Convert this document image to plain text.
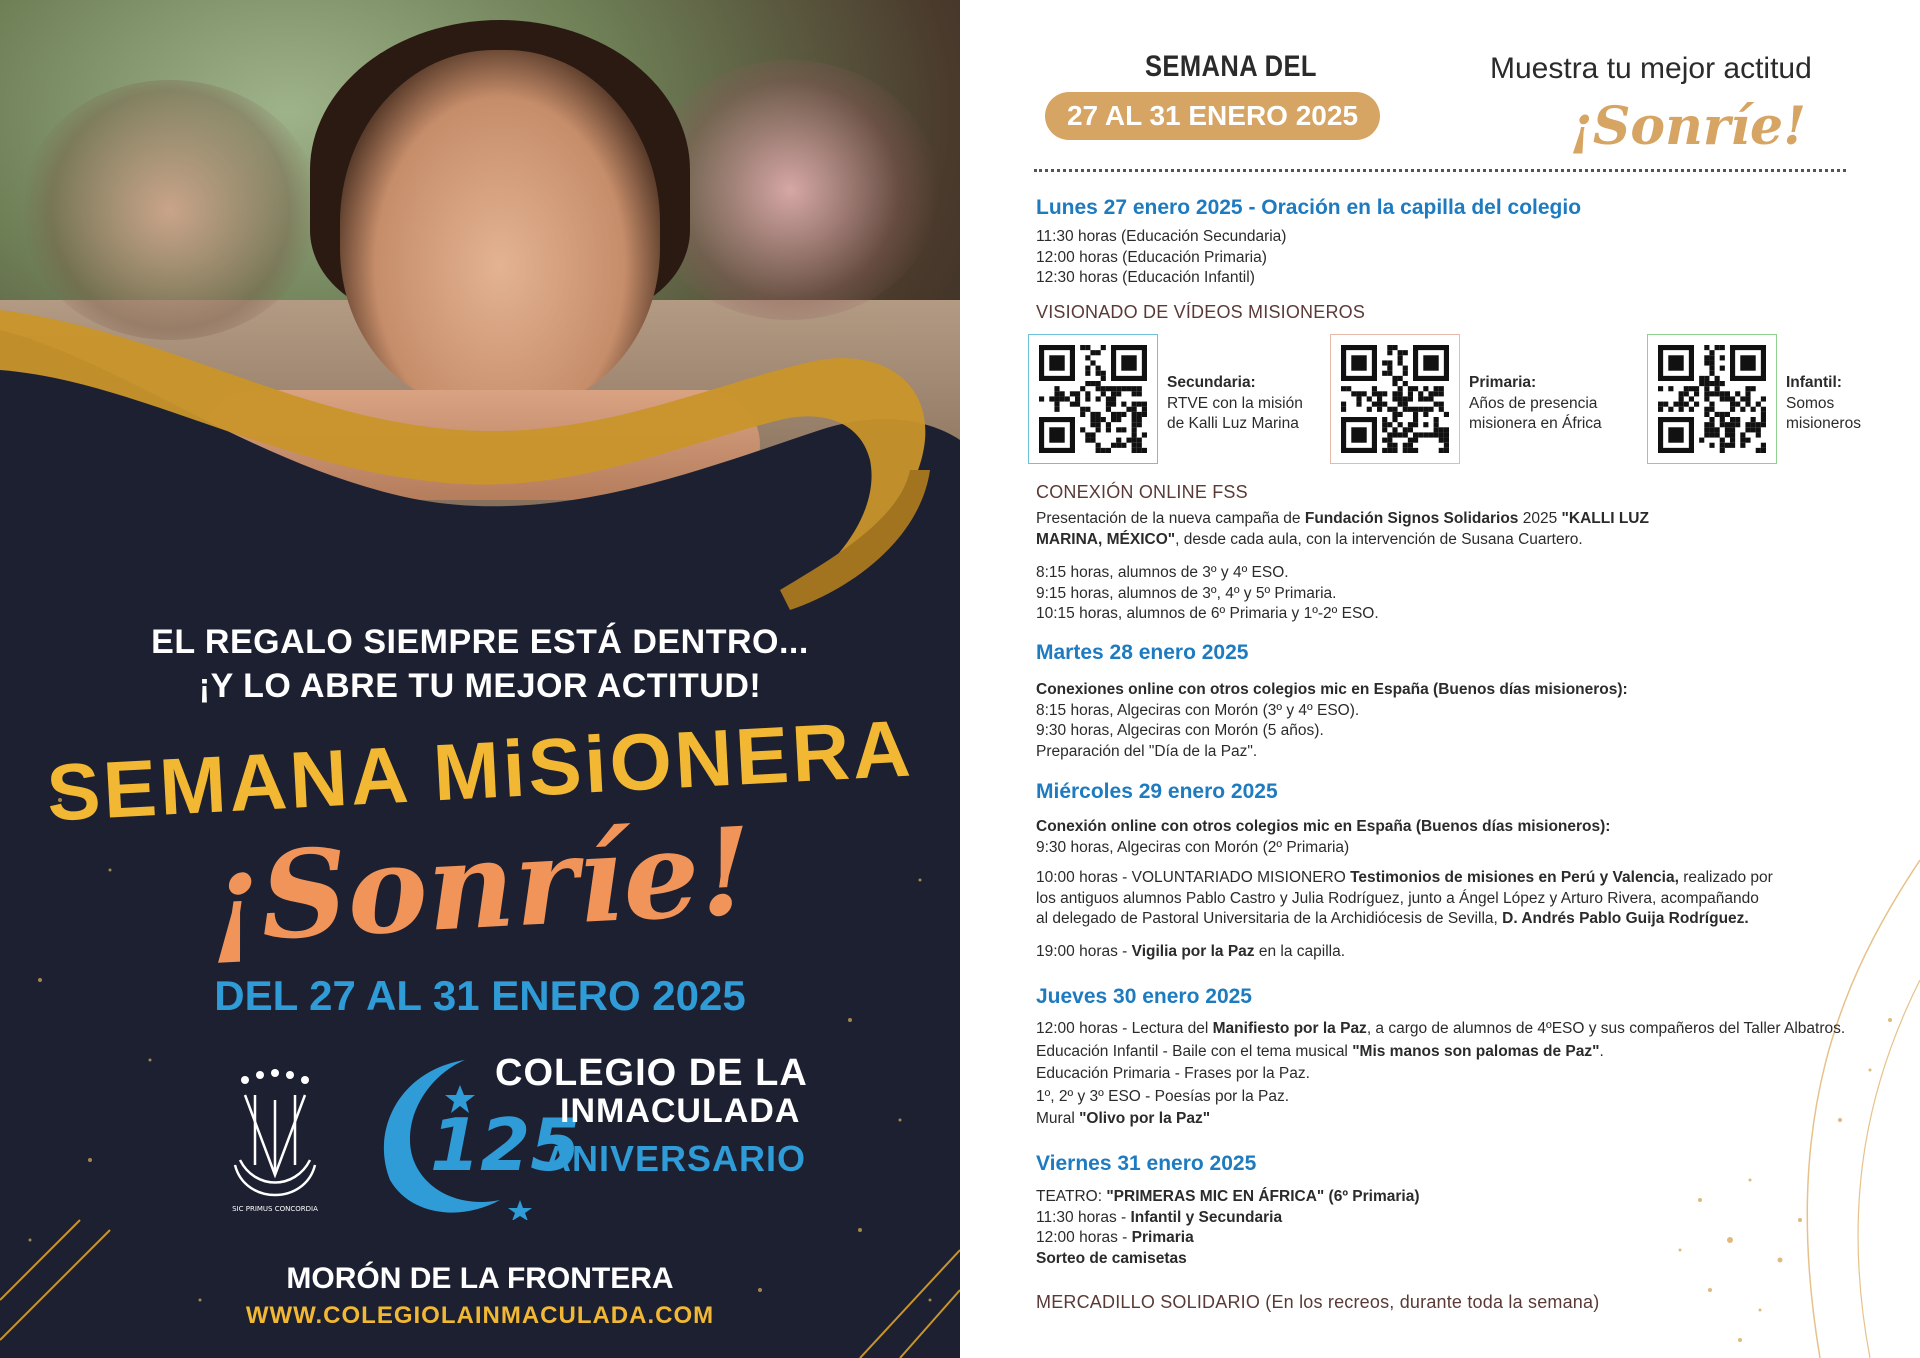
EL REGALO SIEMPRE ESTÁ DENTRO...
¡Y LO ABRE TU MEJOR ACTITUD!
SEMANA MiSiONERA
¡Sonríe!
DEL 27 AL 31 ENERO 2025
SIC PRIMUS CONCORDIA
125
COLEGIO DE LA
INMACULADA
ANIVERSARIO
MORÓN DE LA FRONTERA
WWW.COLEGIOLAINMACULADA.COM
SEMANA DEL
27 AL 31 ENERO 2025
Muestra tu mejor actitud
¡Sonríe!
Lunes 27 enero 2025 - Oración en la capilla del colegio
11:30 horas (Educación Secundaria)
12:00 horas (Educación Primaria)
12:30 horas (Educación Infantil)
VISIONADO DE VÍDEOS MISIONEROS
Secundaria:
RTVE con la misión
de Kalli Luz Marina
Primaria:
Años de presencia
misionera en África
Infantil:
Somos
misioneros
CONEXIÓN ONLINE FSS
Presentación de la nueva campaña de Fundación Signos Solidarios 2025 "KALLI LUZ
MARINA, MÉXICO", desde cada aula, con la intervención de Susana Cuartero.
8:15 horas, alumnos de 3º y 4º ESO.
9:15 horas, alumnos de 3º, 4º y 5º Primaria.
10:15 horas, alumnos de 6º Primaria y 1º-2º ESO.
Martes 28 enero 2025
Conexiones online con otros colegios mic en España (Buenos días misioneros):
8:15 horas, Algeciras con Morón (3º y 4º ESO).
9:30 horas, Algeciras con Morón (5 años).
Preparación del "Día de la Paz".
Miércoles 29 enero 2025
Conexión online con otros colegios mic en España (Buenos días misioneros):
9:30 horas, Algeciras con Morón (2º Primaria)
10:00 horas - VOLUNTARIADO MISIONERO Testimonios de misiones en Perú y Valencia, realizado por
los antiguos alumnos Pablo Castro y Julia Rodríguez, junto a Ángel López y Arturo Rivera, acompañando
al delegado de Pastoral Universitaria de la Archidiócesis de Sevilla, D. Andrés Pablo Guija Rodríguez.
19:00 horas - Vigilia por la Paz en la capilla.
Jueves 30 enero 2025
12:00 horas - Lectura del Manifiesto por la Paz, a cargo de alumnos de 4ºESO y sus compañeros del Taller Albatros.
Educación Infantil - Baile con el tema musical "Mis manos son palomas de Paz".
Educación Primaria - Frases por la Paz.
1º, 2º y 3º ESO - Poesías por la Paz.
Mural "Olivo por la Paz"
Viernes 31 enero 2025
TEATRO: "PRIMERAS MIC EN ÁFRICA" (6º Primaria)
11:30 horas - Infantil y Secundaria
12:00 horas - Primaria
Sorteo de camisetas
MERCADILLO SOLIDARIO (En los recreos, durante toda la semana)
